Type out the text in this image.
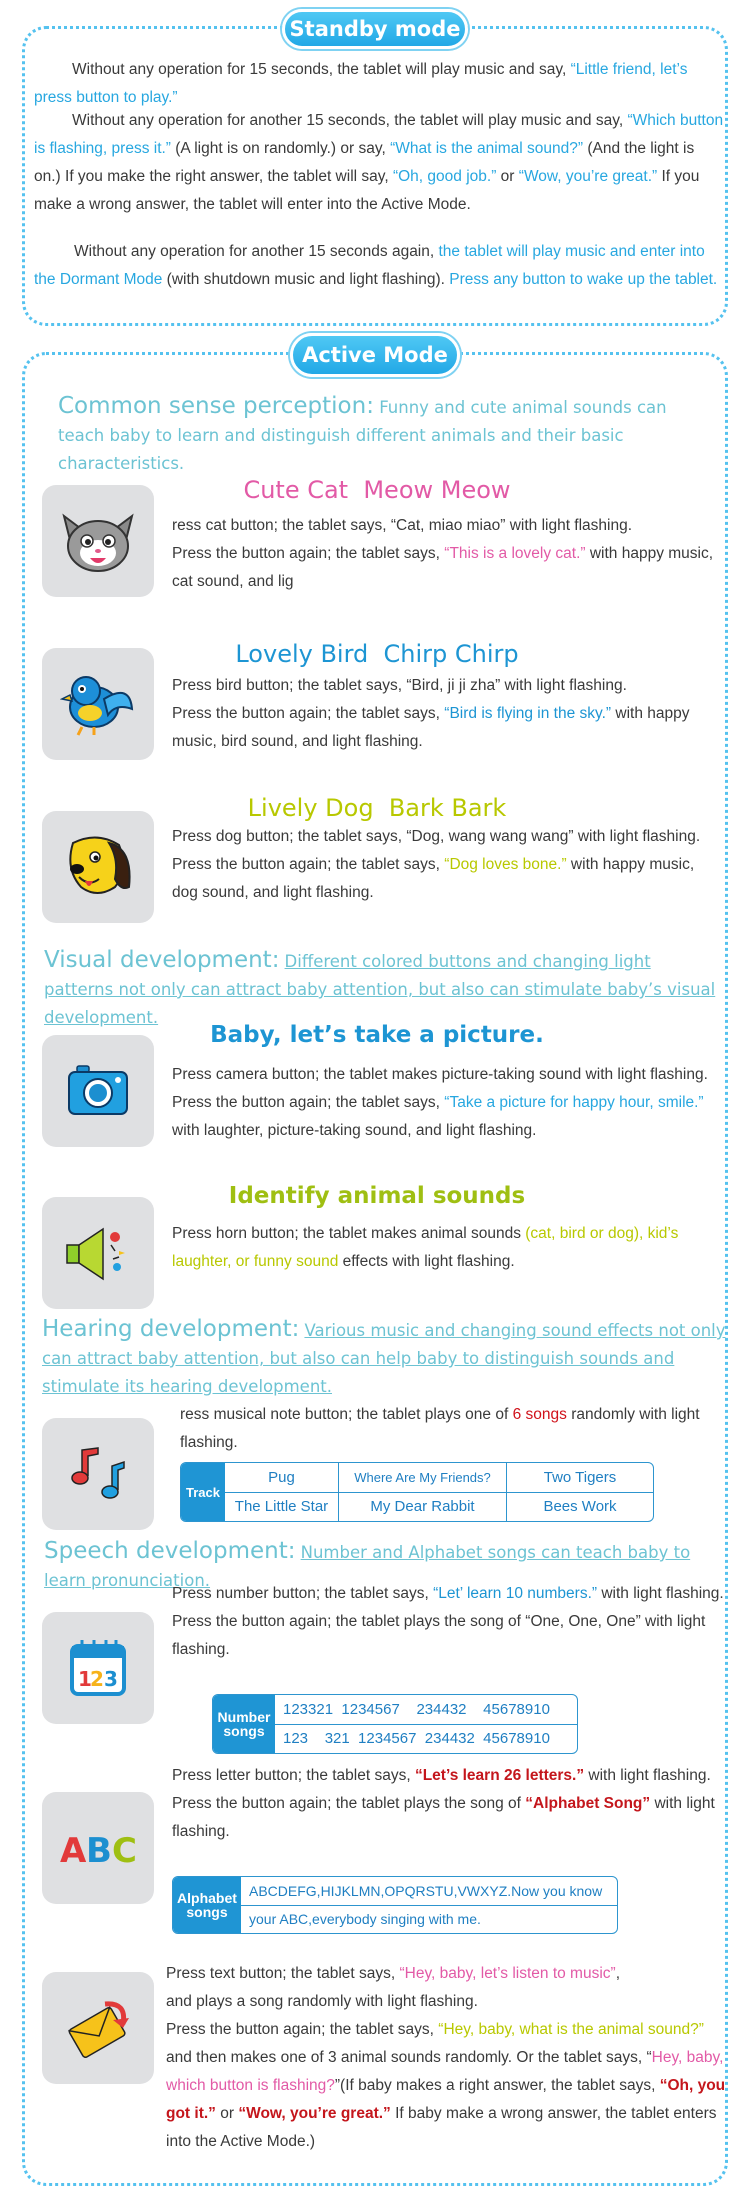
Standby mode
Without any operation for 15 seconds, the tablet will play music and say, “Little friend, let’s press button to play.”
Without any operation for another 15 seconds, the tablet will play music and say, “Which button is flashing, press it.” (A light is on randomly.) or say, “What is the animal sound?” (And the light is on.) If you make the right answer, the tablet will say, “Oh, good job.” or “Wow, you’re great.” If you make a wrong answer, the tablet will enter into the Active Mode.
Without any operation for another 15 seconds again, the tablet will play music and enter into the Dormant Mode (with shutdown music and light flashing). Press any button to wake up the tablet.
Active Mode
Common sense perception: Funny and cute animal sounds can teach baby to learn and distinguish different animals and their basic characteristics.
Cute Cat  Meow Meow
ress cat button; the tablet says, “Cat, miao miao” with light flashing.
Press the button again; the tablet says, “This is a lovely cat.” with happy music, cat sound, and lig
Lovely Bird  Chirp Chirp
Press bird button; the tablet says, “Bird, ji ji zha” with light flashing.
Press the button again; the tablet says, “Bird is flying in the sky.” with happy music, bird sound, and light flashing.
Lively Dog  Bark Bark
Press dog button; the tablet says, “Dog, wang wang wang” with light flashing.
Press the button again; the tablet says, “Dog loves bone.” with happy music, dog sound, and light flashing.
Visual development: Different colored buttons and changing light patterns not only can attract baby attention, but also can stimulate baby’s visual development.
Baby, let’s take a picture.
Press camera button; the tablet makes picture-taking sound with light flashing.
Press the button again; the tablet says, “Take a picture for happy hour, smile.” with laughter, picture-taking sound, and light flashing.
Identify animal sounds
Press horn button; the tablet makes animal sounds (cat, bird or dog), kid’s laughter, or funny sound effects with light flashing.
Hearing development: Various music and changing sound effects not only can attract baby attention, but also can help baby to distinguish sounds and stimulate its hearing development.
ress musical note button; the tablet plays one of 6 songs randomly with light flashing.
Track	Pug	Where Are My Friends?	Two Tigers
	The Little Star	My Dear Rabbit	Bees Work
Speech development: Number and Alphabet songs can teach baby to learn pronunciation.
1
2 3
Press number button; the tablet says, “Let’ learn 10 numbers.” with light flashing.
Press the button again; the tablet plays the song of “One, One, One” with light flashing.
Number songs	123321  1234567    234432    45678910
123    321  1234567  234432  45678910
A B C
Press letter button; the tablet says, “Let’s learn 26 letters.” with light flashing.
Press the button again; the tablet plays the song of “Alphabet Song” with light flashing.
Alphabet songs	ABCDEFG,HIJKLMN,OPQRSTU,VWXYZ.Now you know
your ABC,everybody singing with me.
Press text button; the tablet says, “Hey, baby, let’s listen to music”,
and plays a song randomly with light flashing.
Press the button again; the tablet says, “Hey, baby, what is the animal sound?” and then makes one of 3 animal sounds randomly. Or the tablet says, “Hey, baby, which button is flashing?”(If baby makes a right answer, the tablet says, “Oh, you got it.” or “Wow, you’re great.” If baby make a wrong answer, the tablet enters into the Active Mode.)
